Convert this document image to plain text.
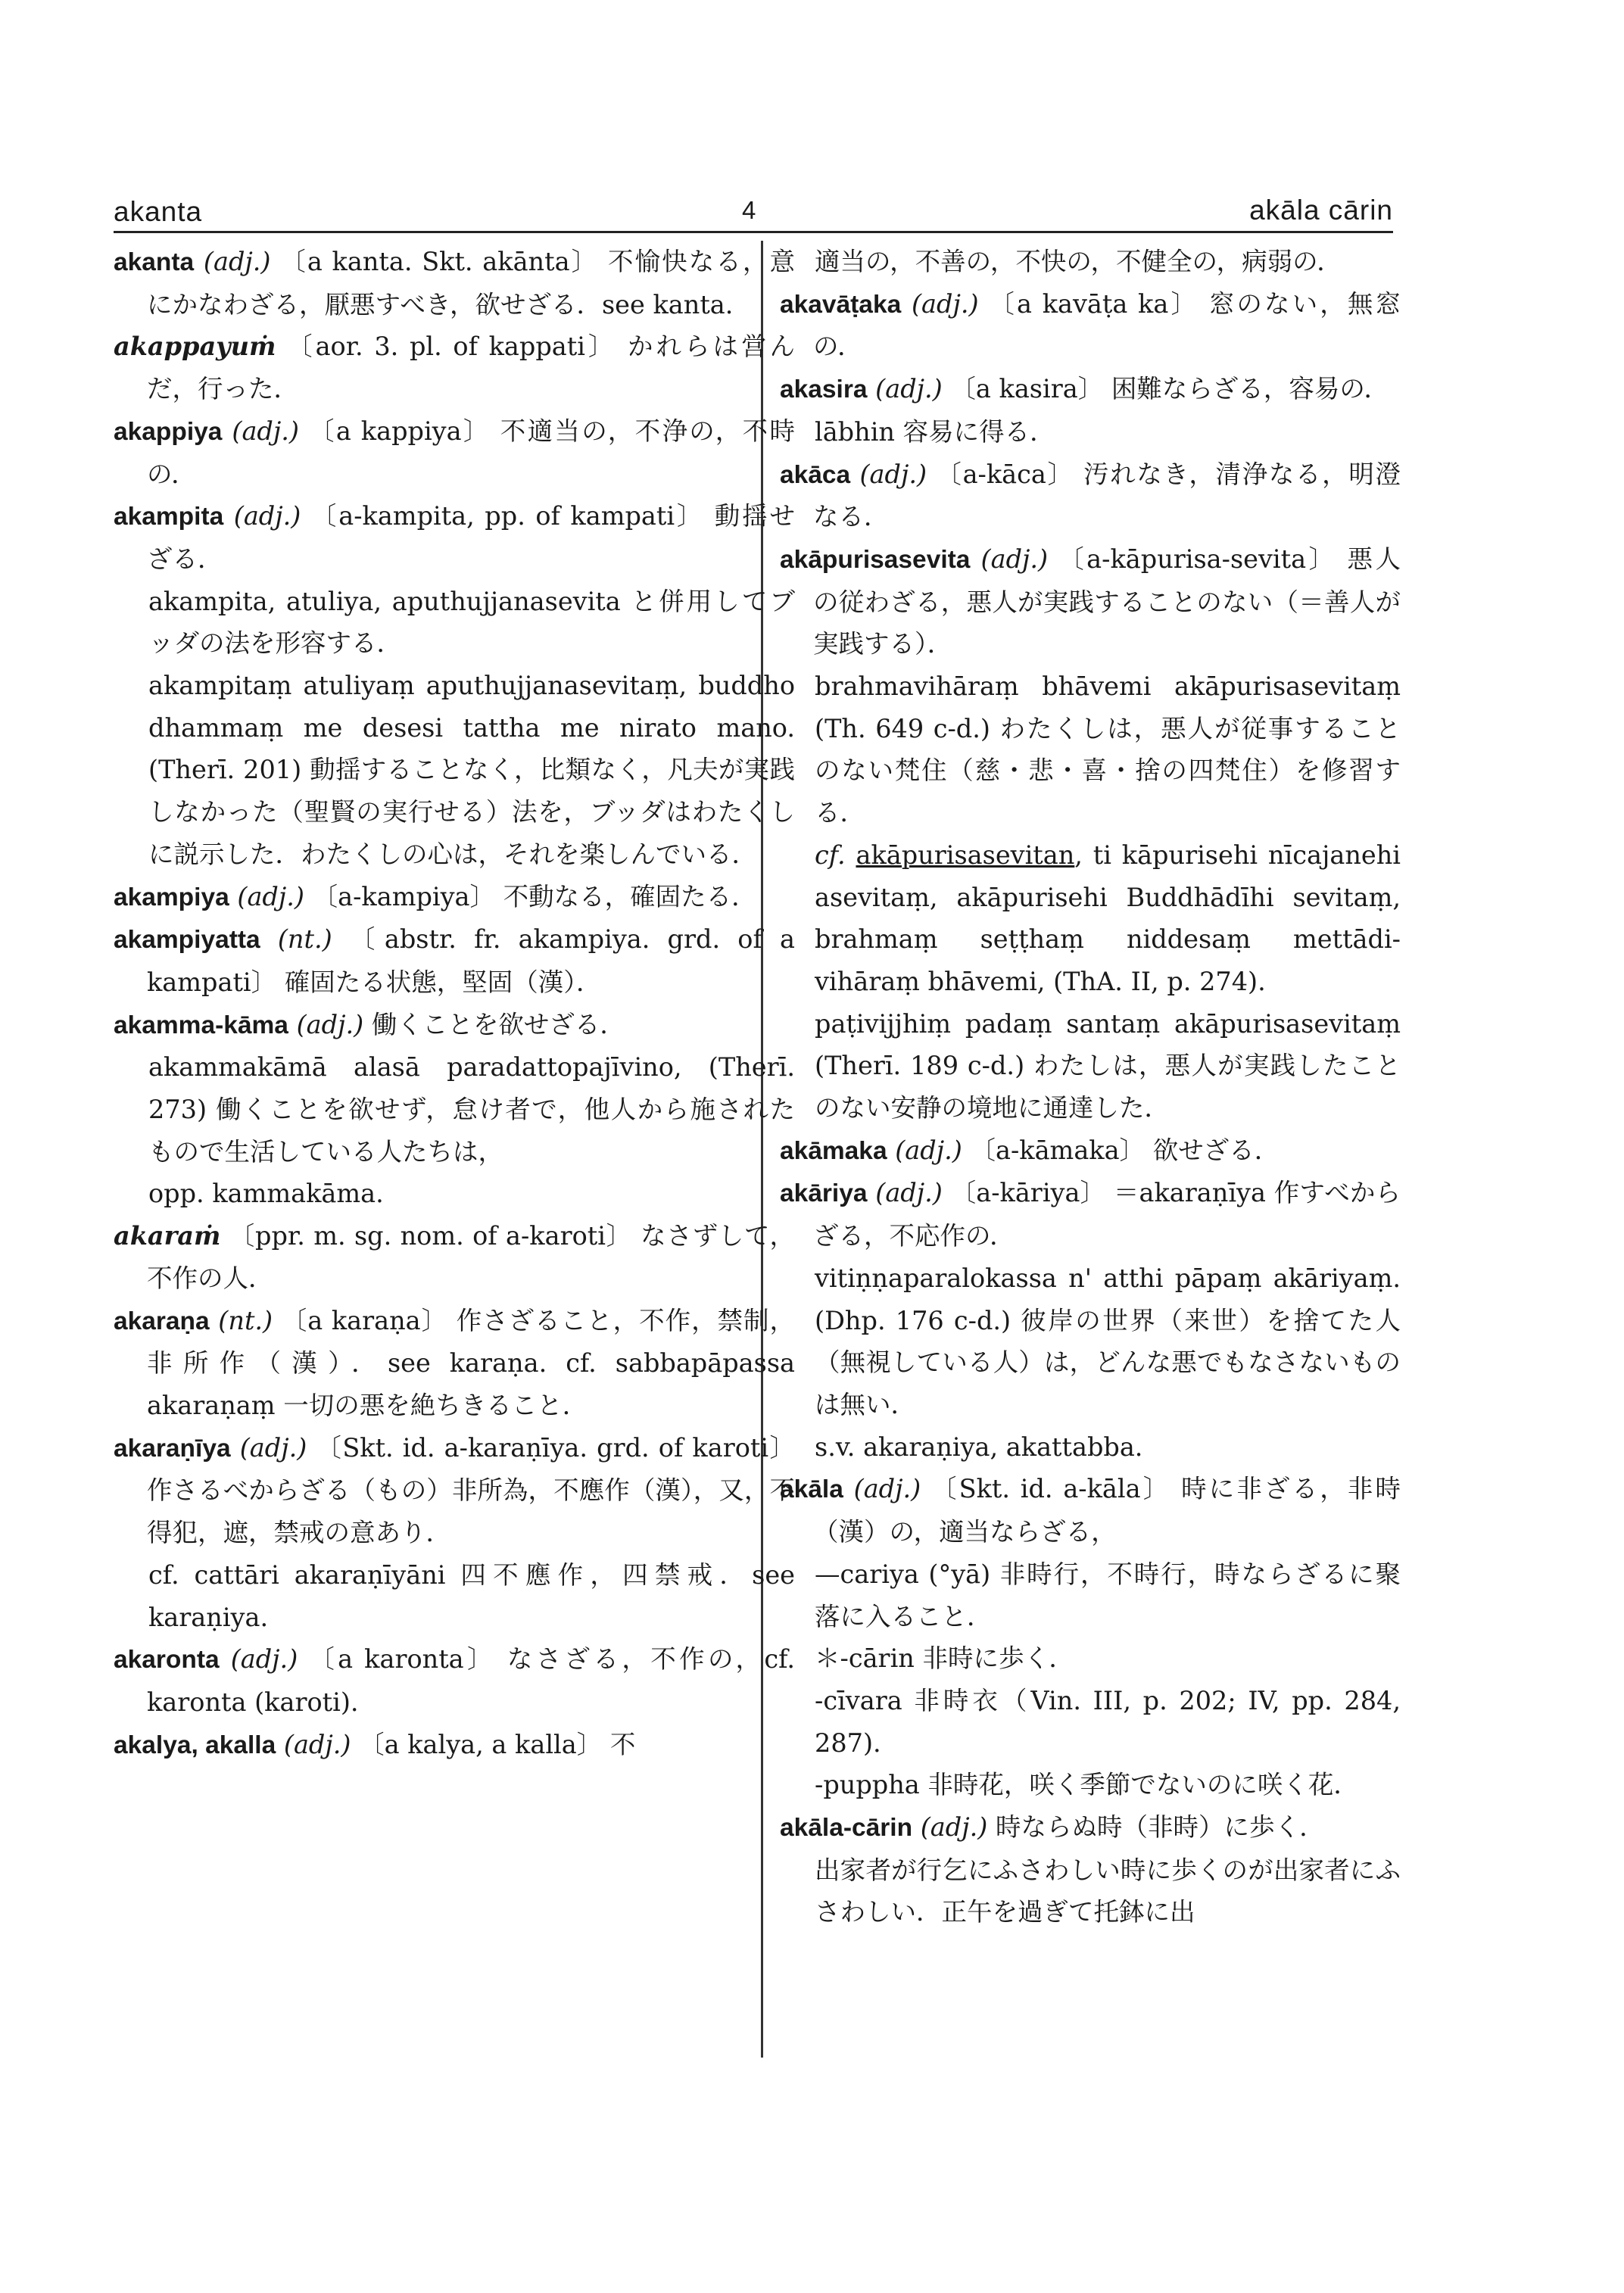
akanta	4	akāla cārin

akanta (adj.) 〔a kanta. Skt. akānta〕 不愉快なる，意にかなわざる，厭悪すべき，欲せざる．see kanta.

akappayuṁ 〔aor. 3. pl. of kappati〕 かれらは営んだ，行った．

akappiya (adj.) 〔a kappiya〕 不適当の，不浄の，不時の．

akampita (adj.) 〔a-kampita, pp. of kampati〕 動揺せざる．

akampita, atuliya, aputhujjanasevita と併用してブッダの法を形容する．

akampitaṃ atuliyaṃ aputhujjanasevitaṃ, buddho dhammaṃ me desesi tattha me nirato mano. (Therī. 201) 動揺することなく，比類なく，凡夫が実践しなかった（聖賢の実行せる）法を，ブッダはわたくしに説示した．わたくしの心は，それを楽しんでいる．

akampiya (adj.) 〔a-kampiya〕 不動なる，確固たる．

akampiyatta (nt.) 〔abstr. fr. akampiya. grd. of a kampati〕 確固たる状態，堅固（漢）．

akamma-kāma (adj.) 働くことを欲せざる．

akammakāmā alasā paradattopajīvino, (Therī. 273) 働くことを欲せず，怠け者で，他人から施されたもので生活している人たちは，

opp. kammakāma.

akaraṁ 〔ppr. m. sg. nom. of a-karoti〕 なさずして，不作の人．

akaraṇa (nt.) 〔a karaṇa〕 作さざること，不作，禁制，非所作（漢）．see karaṇa. cf. sabbapāpassa akaraṇaṃ 一切の悪を絶ちきること．

akaraṇīya (adj.) 〔Skt. id. a-karaṇīya. grd. of karoti〕 作さるべからざる（もの）非所為，不應作（漢），又，不得犯，遮，禁戒の意あり．

cf. cattāri akaraṇīyāni 四不應作，四禁戒．see karaṇiya.

akaronta (adj.) 〔a karonta〕 なさざる，不作の，cf. karonta (karoti).

akalya, akalla (adj.) 〔a kalya, a kalla〕 不

適当の，不善の，不快の，不健全の，病弱の．

akavāṭaka (adj.) 〔a kavāṭa ka〕 窓のない，無窓の．

akasira (adj.) 〔a kasira〕 困難ならざる，容易の．

lābhin 容易に得る．

akāca (adj.) 〔a-kāca〕 汚れなき，清浄なる，明澄なる．

akāpurisasevita (adj.) 〔a-kāpurisa-sevita〕 悪人の従わざる，悪人が実践することのない（＝善人が実践する）．

brahmavihāraṃ bhāvemi akāpurisasevitaṃ (Th. 649 c-d.) わたくしは，悪人が従事することのない梵住（慈・悲・喜・捨の四梵住）を修習する．

cf. akāpurisasevitan, ti kāpurisehi nīcajanehi asevitaṃ, akāpurisehi Buddhādīhi sevitaṃ, brahmaṃ seṭṭhaṃ niddesaṃ mettādi-vihāraṃ bhāvemi, (ThA. II, p. 274).

paṭivijjhiṃ padaṃ santaṃ akāpurisasevitaṃ (Therī. 189 c-d.) わたしは，悪人が実践したことのない安静の境地に通達した．

akāmaka (adj.) 〔a-kāmaka〕 欲せざる．

akāriya (adj.) 〔a-kāriya〕 ＝akaraṇīya 作すべからざる，不応作の．

vitiṇṇaparalokassa n' atthi pāpaṃ akāriyaṃ. (Dhp. 176 c-d.) 彼岸の世界（来世）を捨てた人（無視している人）は，どんな悪でもなさないものは無い．

s.v. akaraṇiya, akattabba.

akāla (adj.) 〔Skt. id. a-kāla〕 時に非ざる，非時（漢）の，適当ならざる，

—cariya (°yā) 非時行，不時行，時ならざるに聚落に入ること．

＊-cārin 非時に歩く．

-cīvara 非時衣（Vin. III, p. 202; IV, pp. 284, 287).

-puppha 非時花，咲く季節でないのに咲く花．

akāla-cārin (adj.) 時ならぬ時（非時）に歩く．

出家者が行乞にふさわしい時に歩くのが出家者にふさわしい．正午を過ぎて托鉢に出
